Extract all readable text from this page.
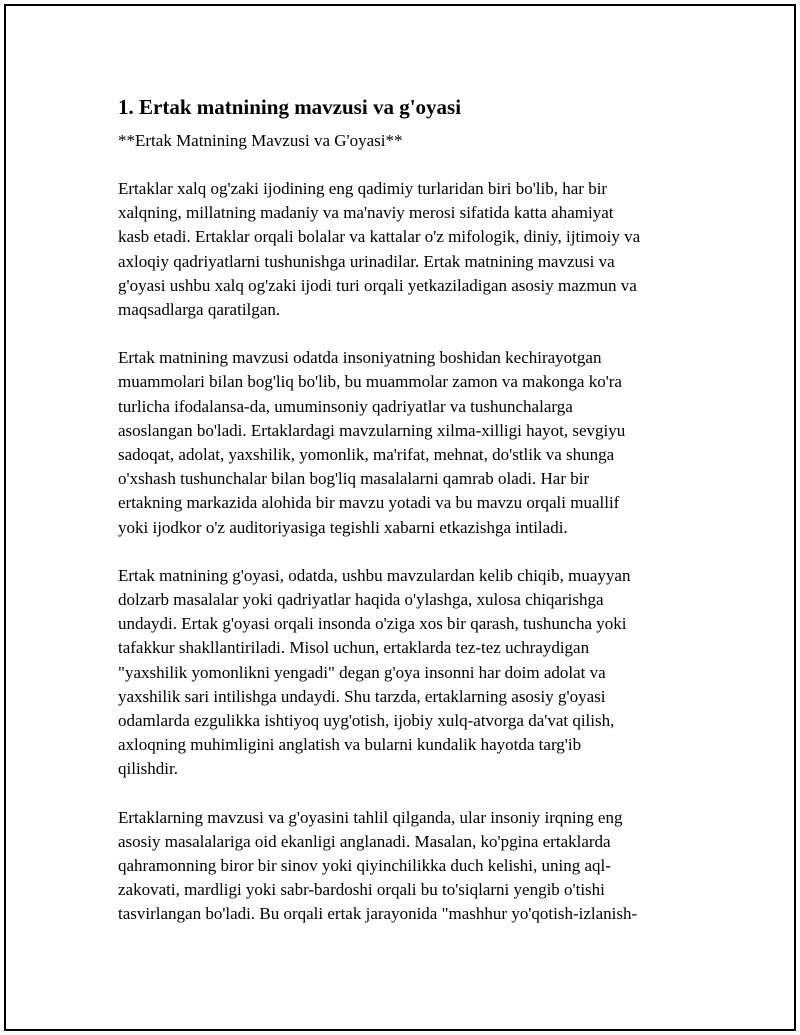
1. Ertak matnining mavzusi va g'oyasi

**Ertak Matnining Mavzusi va G'oyasi**

Ertaklar xalq og'zaki ijodining eng qadimiy turlaridan biri bo'lib, har bir
xalqning, millatning madaniy va ma'naviy merosi sifatida katta ahamiyat
kasb etadi. Ertaklar orqali bolalar va kattalar o'z mifologik, diniy, ijtimoiy va
axloqiy qadriyatlarni tushunishga urinadilar. Ertak matnining mavzusi va
g'oyasi ushbu xalq og'zaki ijodi turi orqali yetkaziladigan asosiy mazmun va
maqsadlarga qaratilgan.

Ertak matnining mavzusi odatda insoniyatning boshidan kechirayotgan
muammolari bilan bog'liq bo'lib, bu muammolar zamon va makonga ko'ra
turlicha ifodalansa-da, umuminsoniy qadriyatlar va tushunchalarga
asoslangan bo'ladi. Ertaklardagi mavzularning xilma-xilligi hayot, sevgiyu
sadoqat, adolat, yaxshilik, yomonlik, ma'rifat, mehnat, do'stlik va shunga
o'xshash tushunchalar bilan bog'liq masalalarni qamrab oladi. Har bir
ertakning markazida alohida bir mavzu yotadi va bu mavzu orqali muallif
yoki ijodkor o'z auditoriyasiga tegishli xabarni etkazishga intiladi.

Ertak matnining g'oyasi, odatda, ushbu mavzulardan kelib chiqib, muayyan
dolzarb masalalar yoki qadriyatlar haqida o'ylashga, xulosa chiqarishga
undaydi. Ertak g'oyasi orqali insonda o'ziga xos bir qarash, tushuncha yoki
tafakkur shakllantiriladi. Misol uchun, ertaklarda tez-tez uchraydigan
"yaxshilik yomonlikni yengadi" degan g'oya insonni har doim adolat va
yaxshilik sari intilishga undaydi. Shu tarzda, ertaklarning asosiy g'oyasi
odamlarda ezgulikka ishtiyoq uyg'otish, ijobiy xulq-atvorga da'vat qilish,
axloqning muhimligini anglatish va bularni kundalik hayotda targ'ib
qilishdir.

Ertaklarning mavzusi va g'oyasini tahlil qilganda, ular insoniy irqning eng
asosiy masalalariga oid ekanligi anglanadi. Masalan, ko'pgina ertaklarda
qahramonning biror bir sinov yoki qiyinchilikka duch kelishi, uning aql-
zakovati, mardligi yoki sabr-bardoshi orqali bu to'siqlarni yengib o'tishi
tasvirlangan bo'ladi. Bu orqali ertak jarayonida "mashhur yo'qotish-izlanish-
